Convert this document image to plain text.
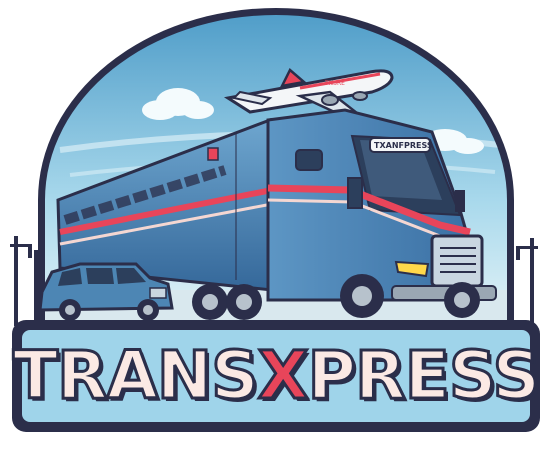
TNSRE
TXANFPRESS
TRANS X PRESS
